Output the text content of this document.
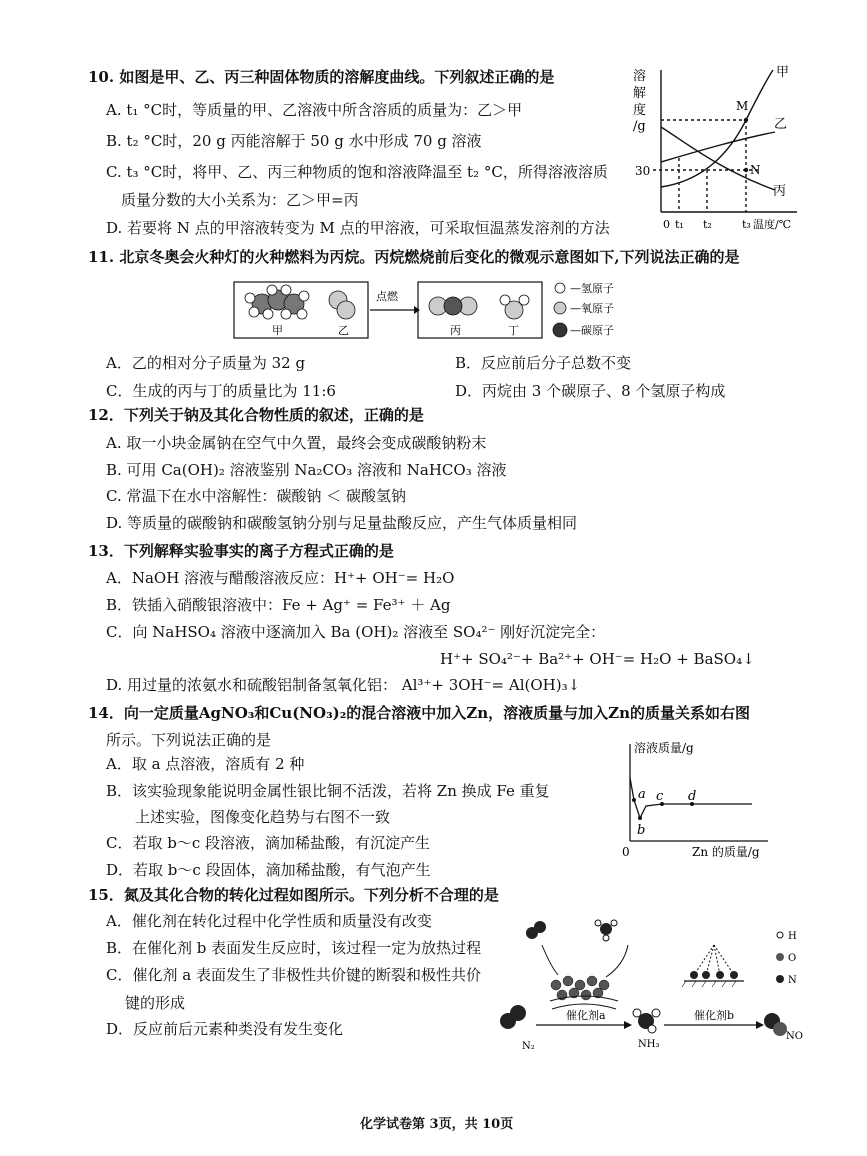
10. 如图是甲、乙、丙三种固体物质的溶解度曲线。下列叙述正确的是
A. t₁ °C时，等质量的甲、乙溶液中所含溶质的质量为：乙＞甲
B. t₂ °C时，20 g 丙能溶解于 50 g 水中形成 70 g 溶液
C. t₃ °C时，将甲、乙、丙三种物质的饱和溶液降温至 t₂ °C，所得溶液溶质
质量分数的大小关系为：乙＞甲=丙
D. 若要将 N 点的甲溶液转变为 M 点的甲溶液，可采取恒温蒸发溶剂的方法
溶
解
度
/g
30
0 t₁ t₂	t₃ 温度/℃
甲
乙
丙
M
N
11. 北京冬奥会火种灯的火种燃料为丙烷。丙烷燃烧前后变化的微观示意图如下,下列说法正确的是
点燃
甲	乙	丙	丁
—氢原子
—氧原子
—碳原子
A．乙的相对分子质量为 32 g	B．反应前后分子总数不变
C．生成的丙与丁的质量比为 11:6	D．丙烷由 3 个碳原子、8 个氢原子构成
12．下列关于钠及其化合物性质的叙述，正确的是
A. 取一小块金属钠在空气中久置，最终会变成碳酸钠粉末
B. 可用 Ca(OH)₂ 溶液鉴别 Na₂CO₃ 溶液和 NaHCO₃ 溶液
C. 常温下在水中溶解性：碳酸钠 ＜ 碳酸氢钠
D. 等质量的碳酸钠和碳酸氢钠分别与足量盐酸反应，产生气体质量相同
13．下列解释实验事实的离子方程式正确的是
A．NaOH 溶液与醋酸溶液反应：H⁺+ OH⁻= H₂O
B．铁插入硝酸银溶液中：Fe + Ag⁺ = Fe³⁺ ＋ Ag
C．向 NaHSO₄ 溶液中逐滴加入 Ba (OH)₂ 溶液至 SO₄²⁻ 刚好沉淀完全：
H⁺+ SO₄²⁻+ Ba²⁺+ OH⁻= H₂O + BaSO₄↓
D. 用过量的浓氨水和硫酸铝制备氢氧化铝： Al³⁺+ 3OH⁻= Al(OH)₃↓
14．向一定质量AgNO₃和Cu(NO₃)₂的混合溶液中加入Zn，溶液质量与加入Zn的质量关系如右图
所示。下列说法正确的是
A．取 a 点溶液，溶质有 2 种
B．该实验现象能说明金属性银比铜不活泼，若将 Zn 换成 Fe 重复
上述实验，图像变化趋势与右图不一致
C．若取 b～c 段溶液，滴加稀盐酸，有沉淀产生
D．若取 b～c 段固体，滴加稀盐酸，有气泡产生
溶液质量/g
0	Zn 的质量/g
a
b
c d
15．氮及其化合物的转化过程如图所示。下列分析不合理的是
A．催化剂在转化过程中化学性质和质量没有改变
B．在催化剂 b 表面发生反应时，该过程一定为放热过程
C．催化剂 a 表面发生了非极性共价键的断裂和极性共价
键的形成
D．反应前后元素种类没有发生变化
H
O
N
催化剂a	催化剂b
N₂	NH₃
NO
化学试卷第 3页，共 10页
